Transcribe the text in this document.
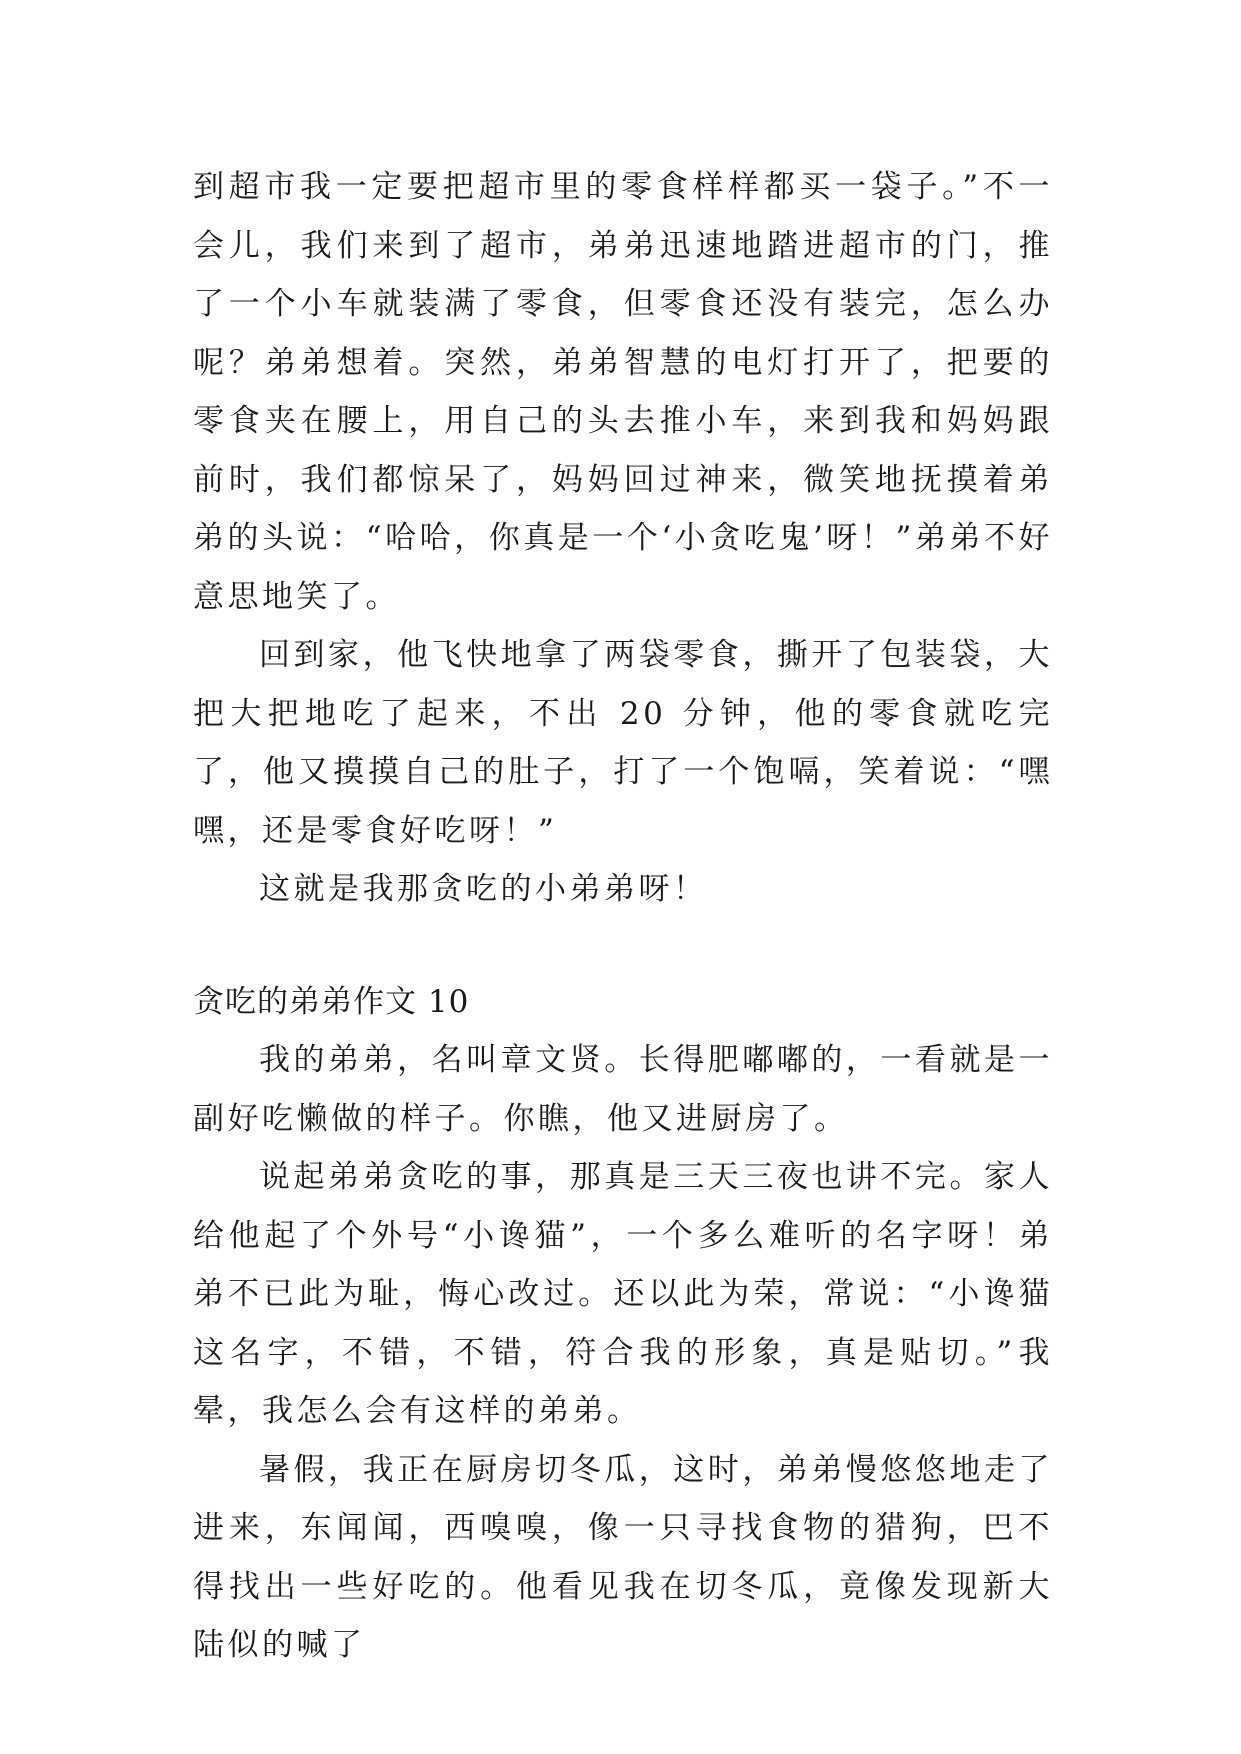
到超市我一定要把超市里的零食样样都买一袋子。”不一会儿，我们来到了超市，弟弟迅速地踏进超市的门，推了一个小车就装满了零食，但零食还没有装完，怎么办呢？弟弟想着。突然，弟弟智慧的电灯打开了，把要的零食夹在腰上，用自己的头去推小车，来到我和妈妈跟前时，我们都惊呆了，妈妈回过神来，微笑地抚摸着弟弟的头说：“哈哈，你真是一个‘小贪吃鬼’呀！”弟弟不好意思地笑了。

回到家，他飞快地拿了两袋零食，撕开了包装袋，大把大把地吃了起来，不出 20 分钟，他的零食就吃完了，他又摸摸自己的肚子，打了一个饱嗝，笑着说：“嘿嘿，还是零食好吃呀！”

这就是我那贪吃的小弟弟呀！

贪吃的弟弟作文 10

我的弟弟，名叫章文贤。长得肥嘟嘟的，一看就是一副好吃懒做的样子。你瞧，他又进厨房了。

说起弟弟贪吃的事，那真是三天三夜也讲不完。家人给他起了个外号“小谗猫”，一个多么难听的名字呀！弟弟不已此为耻，悔心改过。还以此为荣，常说：“小谗猫这名字，不错，不错，符合我的形象，真是贴切。”我晕，我怎么会有这样的弟弟。

暑假，我正在厨房切冬瓜，这时，弟弟慢悠悠地走了进来，东闻闻，西嗅嗅，像一只寻找食物的猎狗，巴不得找出一些好吃的。他看见我在切冬瓜，竟像发现新大陆似的喊了
